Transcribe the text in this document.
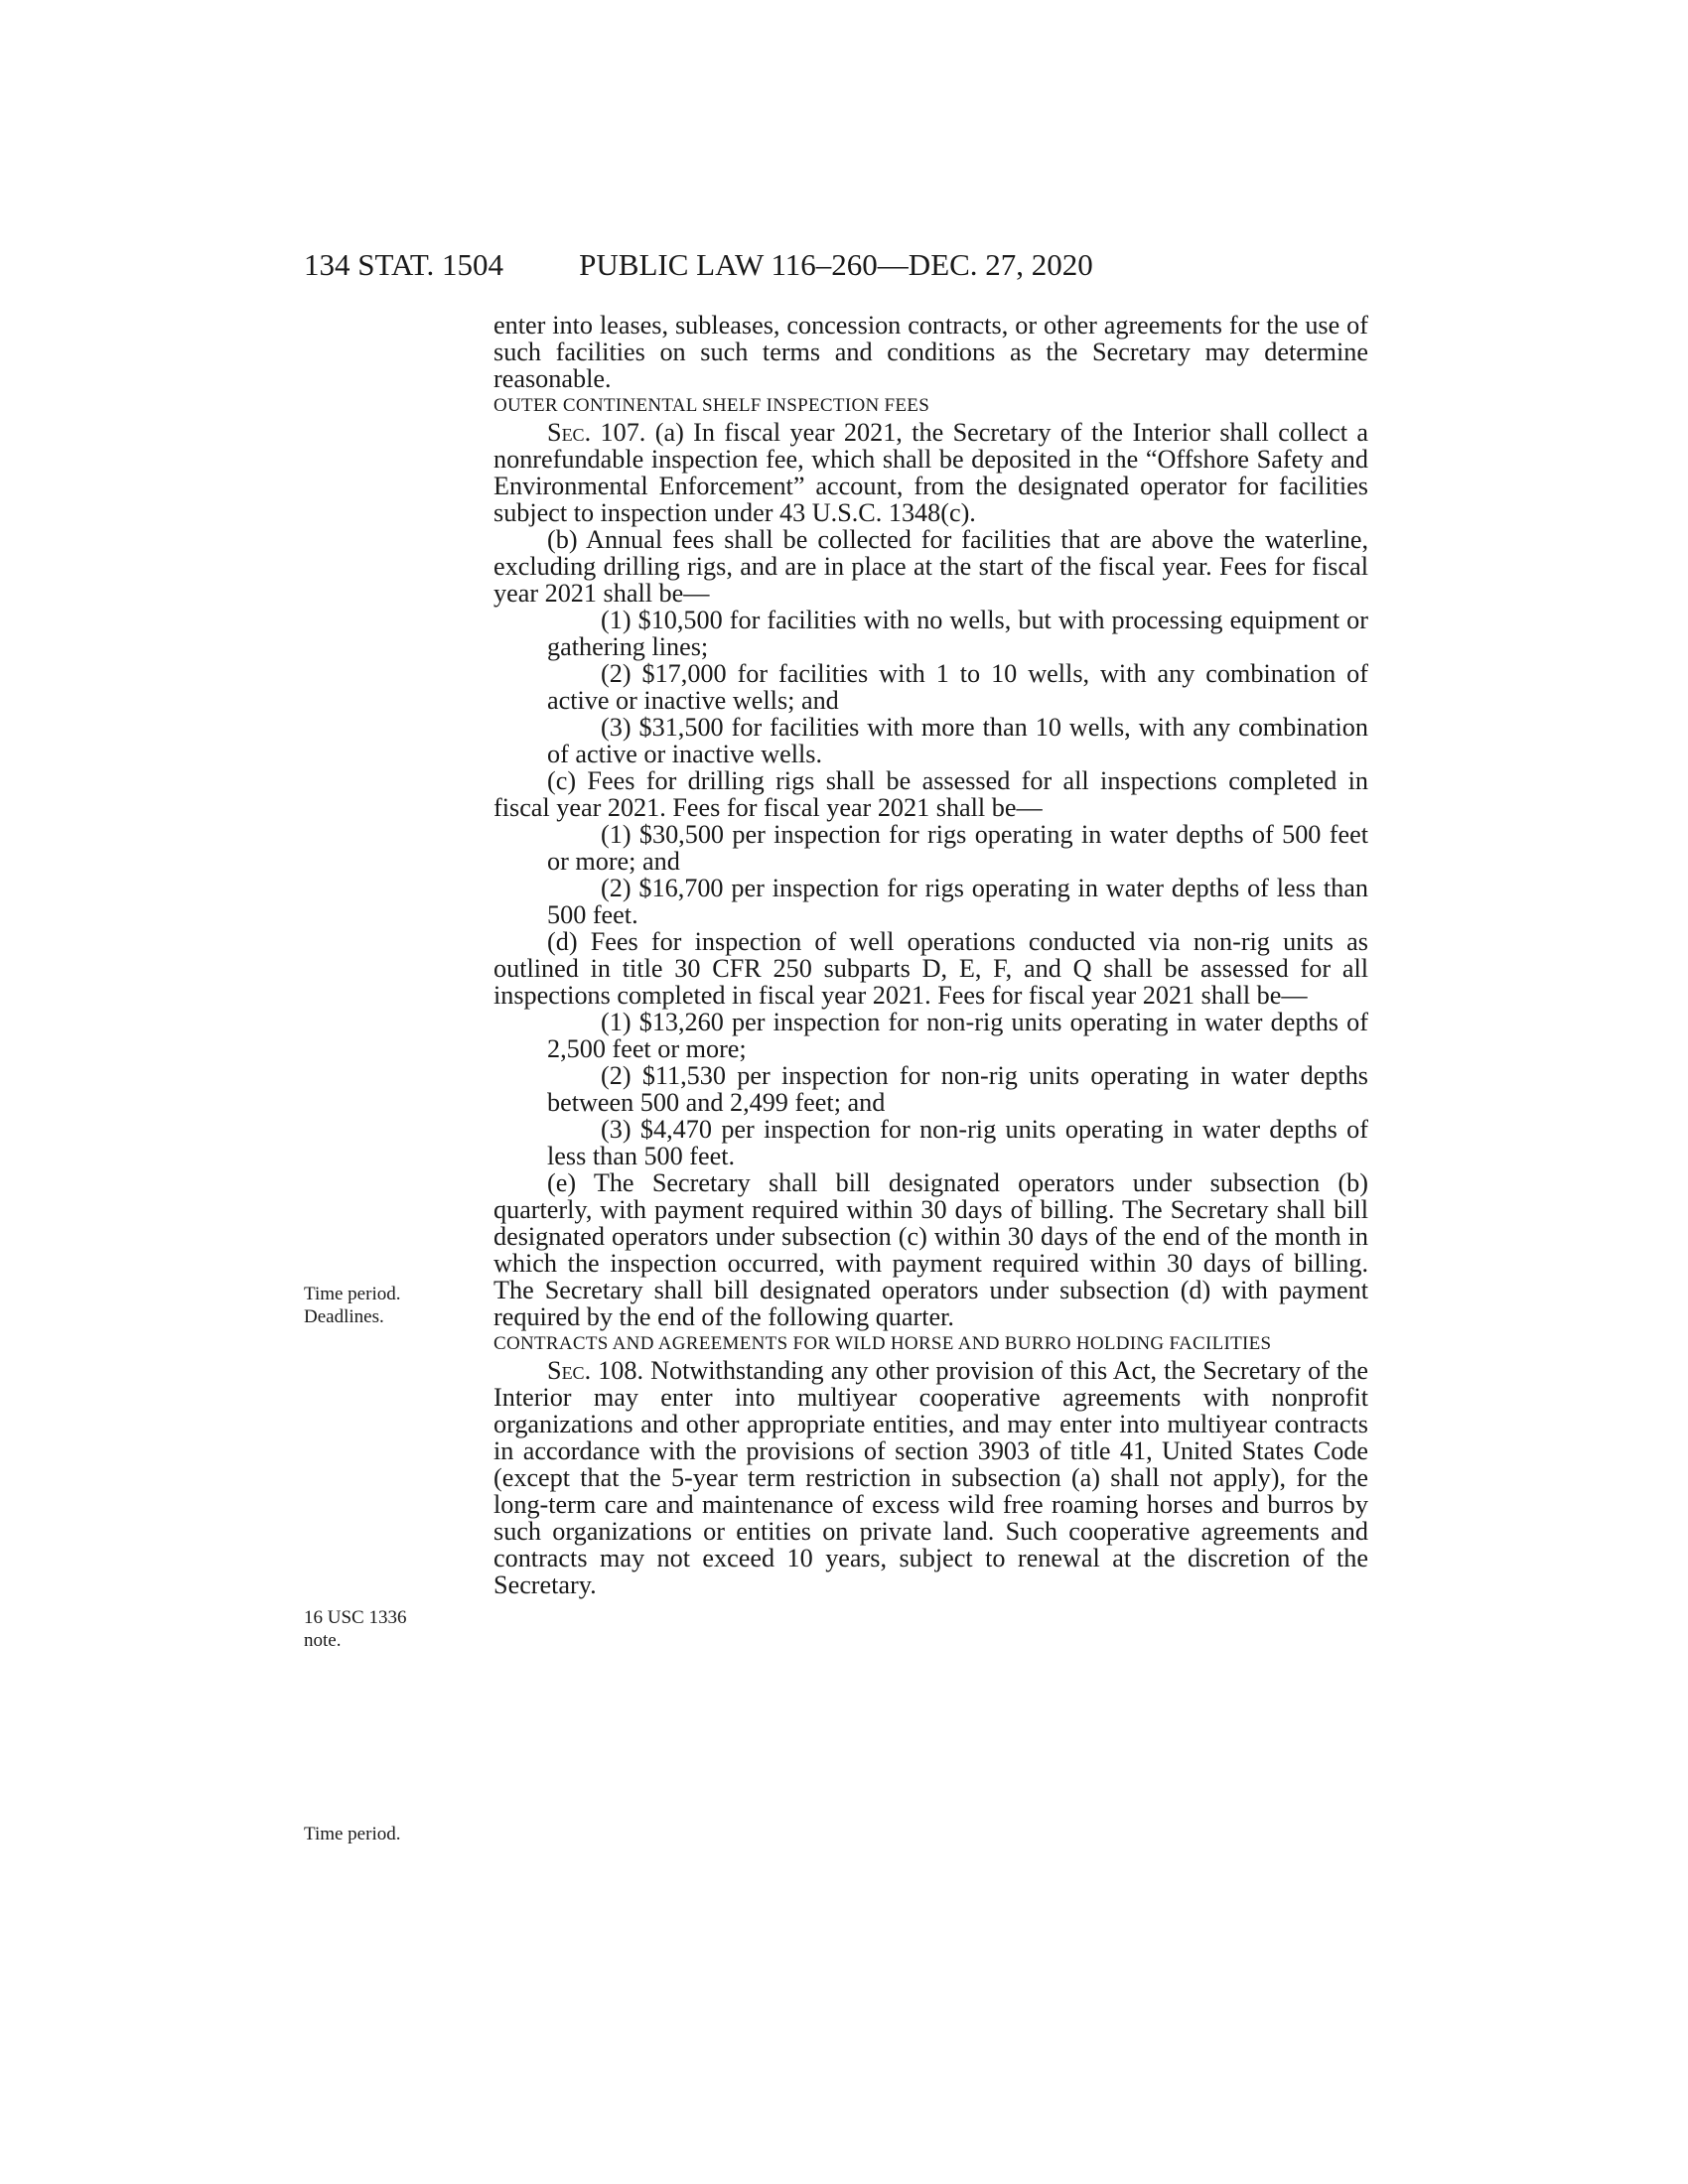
134 STAT. 1504	PUBLIC LAW 116–260—DEC. 27, 2020

enter into leases, subleases, concession contracts, or other agreements for the use of such facilities on such terms and conditions as the Secretary may determine reasonable.

OUTER CONTINENTAL SHELF INSPECTION FEES

Sec. 107. (a) In fiscal year 2021, the Secretary of the Interior shall collect a nonrefundable inspection fee, which shall be deposited in the “Offshore Safety and Environmental Enforcement” account, from the designated operator for facilities subject to inspection under 43 U.S.C. 1348(c).

(b) Annual fees shall be collected for facilities that are above the waterline, excluding drilling rigs, and are in place at the start of the fiscal year. Fees for fiscal year 2021 shall be—

(1) $10,500 for facilities with no wells, but with processing equipment or gathering lines;

(2) $17,000 for facilities with 1 to 10 wells, with any combination of active or inactive wells; and

(3) $31,500 for facilities with more than 10 wells, with any combination of active or inactive wells.

(c) Fees for drilling rigs shall be assessed for all inspections completed in fiscal year 2021. Fees for fiscal year 2021 shall be—

(1) $30,500 per inspection for rigs operating in water depths of 500 feet or more; and

(2) $16,700 per inspection for rigs operating in water depths of less than 500 feet.

(d) Fees for inspection of well operations conducted via non-rig units as outlined in title 30 CFR 250 subparts D, E, F, and Q shall be assessed for all inspections completed in fiscal year 2021. Fees for fiscal year 2021 shall be—

(1) $13,260 per inspection for non-rig units operating in water depths of 2,500 feet or more;

(2) $11,530 per inspection for non-rig units operating in water depths between 500 and 2,499 feet; and

(3) $4,470 per inspection for non-rig units operating in water depths of less than 500 feet.

(e) The Secretary shall bill designated operators under subsection (b) quarterly, with payment required within 30 days of billing. The Secretary shall bill designated operators under subsection (c) within 30 days of the end of the month in which the inspection occurred, with payment required within 30 days of billing. The Secretary shall bill designated operators under subsection (d) with payment required by the end of the following quarter.

CONTRACTS AND AGREEMENTS FOR WILD HORSE AND BURRO HOLDING FACILITIES

Sec. 108. Notwithstanding any other provision of this Act, the Secretary of the Interior may enter into multiyear cooperative agreements with nonprofit organizations and other appropriate entities, and may enter into multiyear contracts in accordance with the provisions of section 3903 of title 41, United States Code (except that the 5-year term restriction in subsection (a) shall not apply), for the long-term care and maintenance of excess wild free roaming horses and burros by such organizations or entities on private land. Such cooperative agreements and contracts may not exceed 10 years, subject to renewal at the discretion of the Secretary.

Time period.
Deadlines.
16 USC 1336
note.
Time period.
